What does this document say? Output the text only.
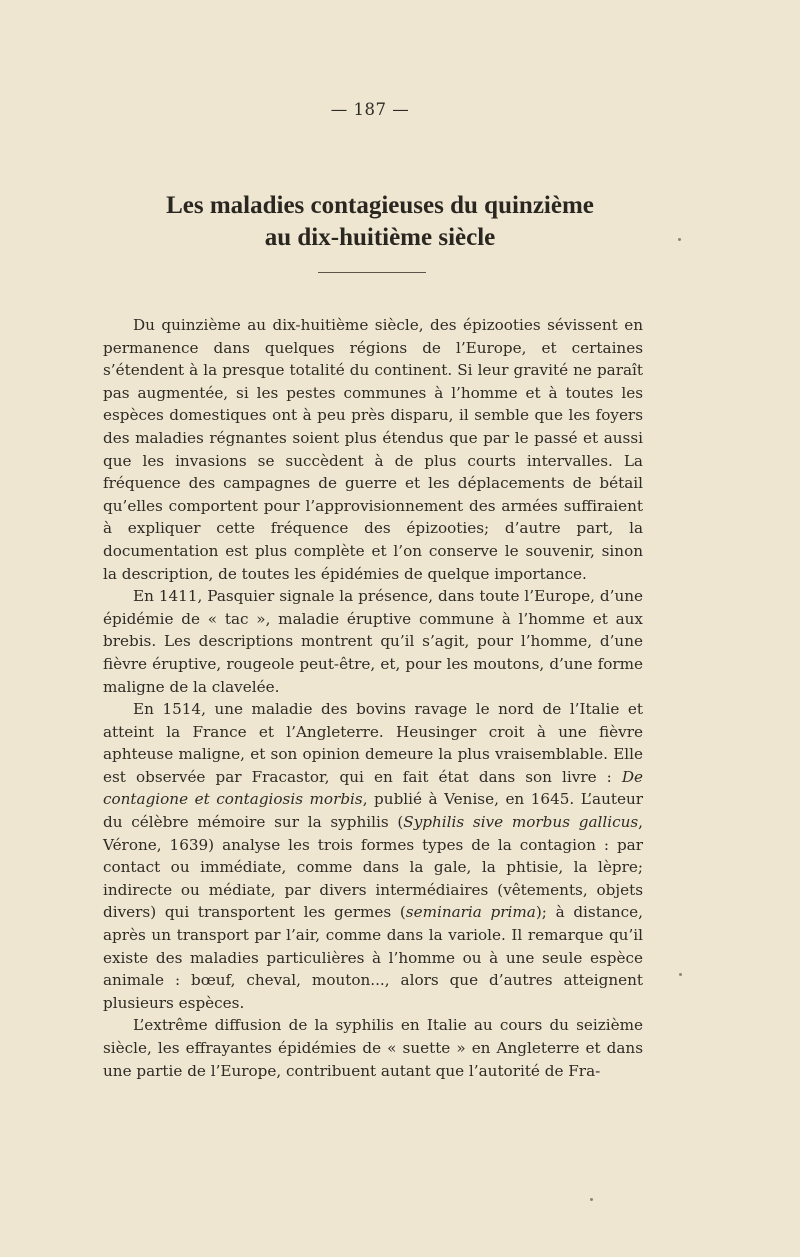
— 187 —
Les maladies contagieuses du quinzième
au dix-huitième siècle

Du quinzième au dix-huitième siècle, des épizooties sévissent en permanence dans quelques régions de l’Europe, et certaines s’étendent à la presque totalité du continent. Si leur gravité ne paraît pas augmentée, si les pestes communes à l’homme et à toutes les espèces domestiques ont à peu près disparu, il semble que les foyers des maladies régnantes soient plus étendus que par le passé et aussi que les invasions se succèdent à de plus courts intervalles. La fréquence des campagnes de guerre et les déplacements de bétail qu’elles comportent pour l’approvisionnement des armées suffiraient à expliquer cette fréquence des épizooties; d’autre part, la documentation est plus complète et l’on conserve le souvenir, sinon la description, de toutes les épidémies de quelque importance.

En 1411, Pasquier signale la présence, dans toute l’Europe, d’une épidémie de « tac », maladie éruptive commune à l’homme et aux brebis. Les descriptions montrent qu’il s’agit, pour l’homme, d’une fièvre éruptive, rougeole peut-être, et, pour les moutons, d’une forme maligne de la clavelée.

En 1514, une maladie des bovins ravage le nord de l’Italie et atteint la France et l’Angleterre. Heusinger croit à une fièvre aphteuse maligne, et son opinion demeure la plus vraisemblable. Elle est observée par Fracastor, qui en fait état dans son livre : De contagione et contagiosis morbis, publié à Venise, en 1645. L’auteur du célèbre mémoire sur la syphilis (Syphilis sive morbus gallicus, Vérone, 1639) analyse les trois formes types de la contagion : par contact ou immédiate, comme dans la gale, la phtisie, la lèpre; indirecte ou médiate, par divers intermédiaires (vêtements, objets divers) qui transportent les germes (seminaria prima); à distance, après un transport par l’air, comme dans la variole. Il remarque qu’il existe des maladies particulières à l’homme ou à une seule espèce animale : bœuf, cheval, mouton..., alors que d’autres atteignent plusieurs espèces.

L’extrême diffusion de la syphilis en Italie au cours du seizième siècle, les effrayantes épidémies de « suette » en Angleterre et dans une partie de l’Europe, contribuent autant que l’autorité de Fra-
